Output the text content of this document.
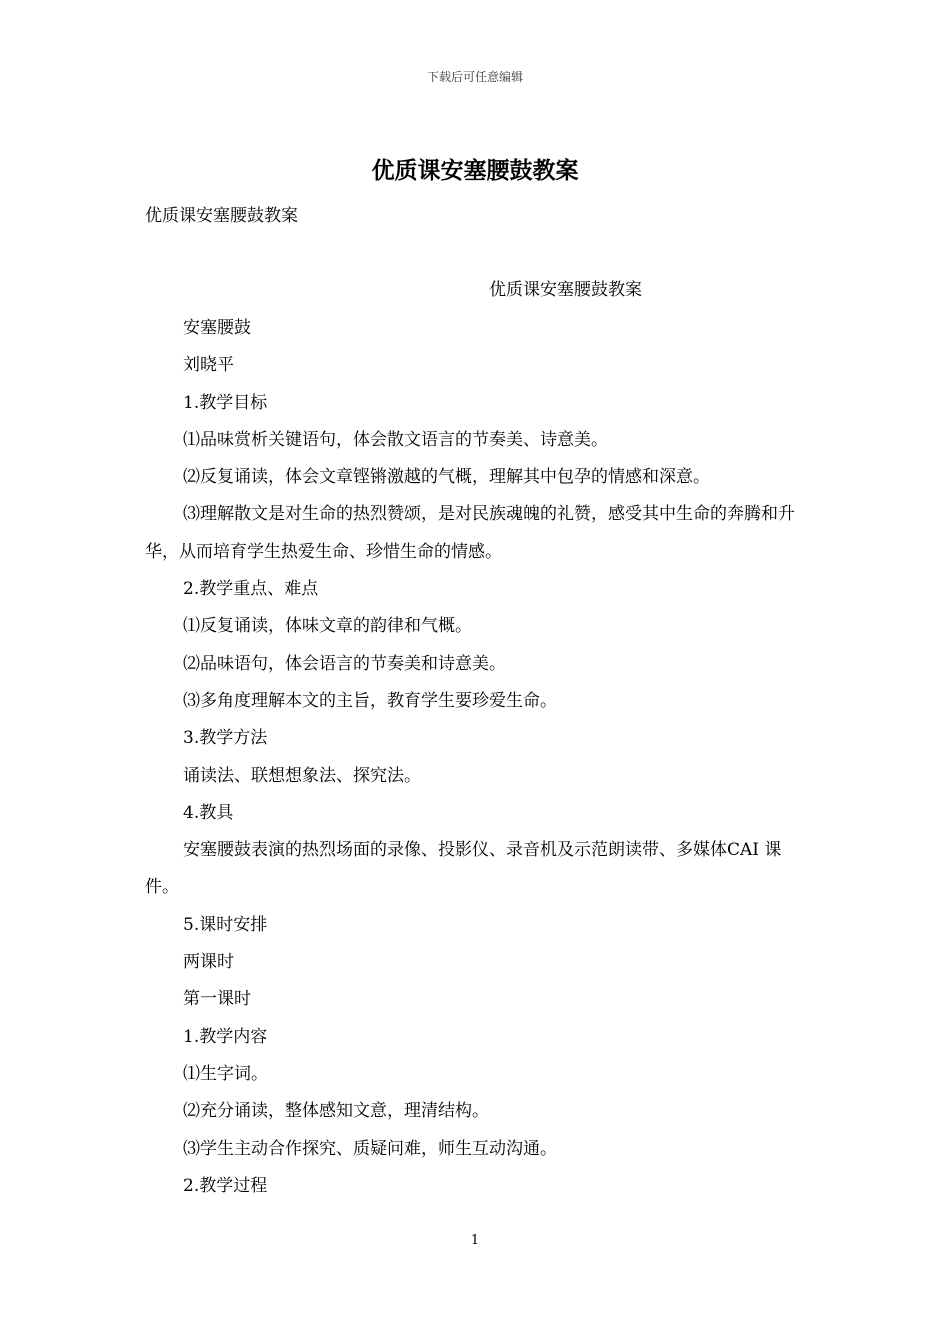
下载后可任意编辑
优质课安塞腰鼓教案
优质课安塞腰鼓教案
优质课安塞腰鼓教案

安塞腰鼓

刘晓平

1.教学目标

⑴品味赏析关键语句，体会散文语言的节奏美、诗意美。

⑵反复诵读，体会文章铿锵激越的气概，理解其中包孕的情感和深意。

⑶理解散文是对生命的热烈赞颂，是对民族魂魄的礼赞，感受其中生命的奔腾和升华，从而培育学生热爱生命、珍惜生命的情感。

2.教学重点、难点

⑴反复诵读，体味文章的韵律和气概。

⑵品味语句，体会语言的节奏美和诗意美。

⑶多角度理解本文的主旨，教育学生要珍爱生命。

3.教学方法

诵读法、联想想象法、探究法。

4.教具

安塞腰鼓表演的热烈场面的录像、投影仪、录音机及示范朗读带、多媒体CAI 课件。

5.课时安排

两课时

第一课时

1.教学内容

⑴生字词。

⑵充分诵读，整体感知文意，理清结构。

⑶学生主动合作探究、质疑问难，师生互动沟通。

2.教学过程

1
